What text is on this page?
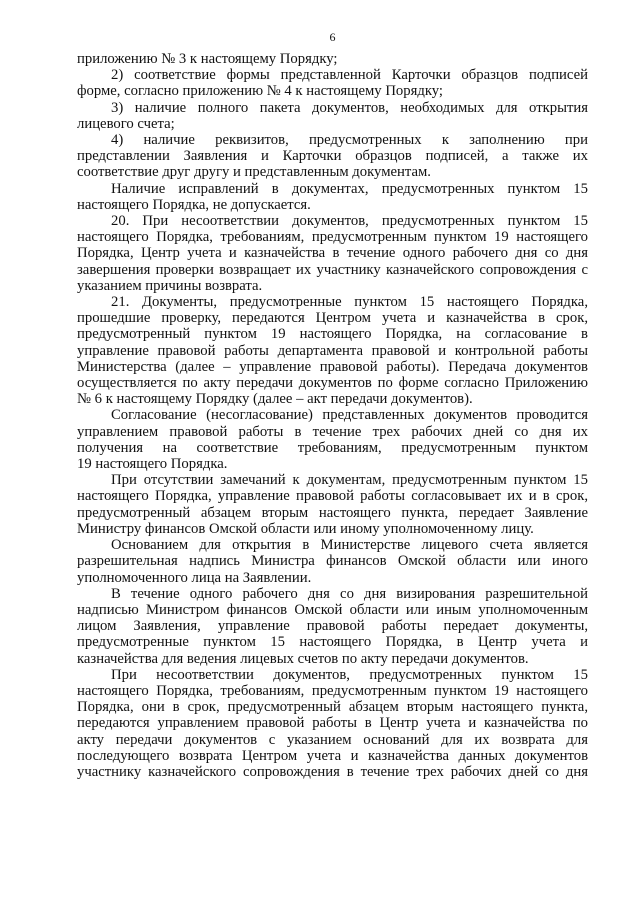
6
приложению № 3 к настоящему Порядку;
2) соответствие формы представленной Карточки образцов подписей
форме, согласно приложению № 4 к настоящему Порядку;
3) наличие полного пакета документов, необходимых для открытия
лицевого счета;
4) наличие реквизитов, предусмотренных к заполнению при
представлении Заявления и Карточки образцов подписей, а также их
соответствие друг другу и представленным документам.
Наличие исправлений в документах, предусмотренных пунктом 15
настоящего Порядка, не допускается.
20. При несоответствии документов, предусмотренных пунктом 15
настоящего Порядка, требованиям, предусмотренным пунктом 19 настоящего
Порядка, Центр учета и казначейства в течение одного рабочего дня со дня
завершения проверки возвращает их участнику казначейского сопровождения с
указанием причины возврата.
21. Документы, предусмотренные пунктом 15 настоящего Порядка,
прошедшие проверку, передаются Центром учета и казначейства в срок,
предусмотренный пунктом 19 настоящего Порядка, на согласование в
управление правовой работы департамента правовой и контрольной работы
Министерства (далее – управление правовой работы). Передача документов
осуществляется по акту передачи документов по форме согласно Приложению
№ 6 к настоящему Порядку (далее – акт передачи документов).
Согласование (несогласование) представленных документов проводится
управлением правовой работы в течение трех рабочих дней со дня их
получения на соответствие требованиям, предусмотренным пунктом
19 настоящего Порядка.
При отсутствии замечаний к документам, предусмотренным пунктом 15
настоящего Порядка, управление правовой работы согласовывает их и в срок,
предусмотренный абзацем вторым настоящего пункта, передает Заявление
Министру финансов Омской области или иному уполномоченному лицу.
Основанием для открытия в Министерстве лицевого счета является
разрешительная надпись Министра финансов Омской области или иного
уполномоченного лица на Заявлении.
В течение одного рабочего дня со дня визирования разрешительной
надписью Министром финансов Омской области или иным уполномоченным
лицом Заявления, управление правовой работы передает документы,
предусмотренные пунктом 15 настоящего Порядка, в Центр учета и
казначейства для ведения лицевых счетов по акту передачи документов.
При несоответствии документов, предусмотренных пунктом 15
настоящего Порядка, требованиям, предусмотренным пунктом 19 настоящего
Порядка, они в срок, предусмотренный абзацем вторым настоящего пункта,
передаются управлением правовой работы в Центр учета и казначейства по
акту передачи документов с указанием оснований для их возврата для
последующего возврата Центром учета и казначейства данных документов
участнику казначейского сопровождения в течение трех рабочих дней со дня
